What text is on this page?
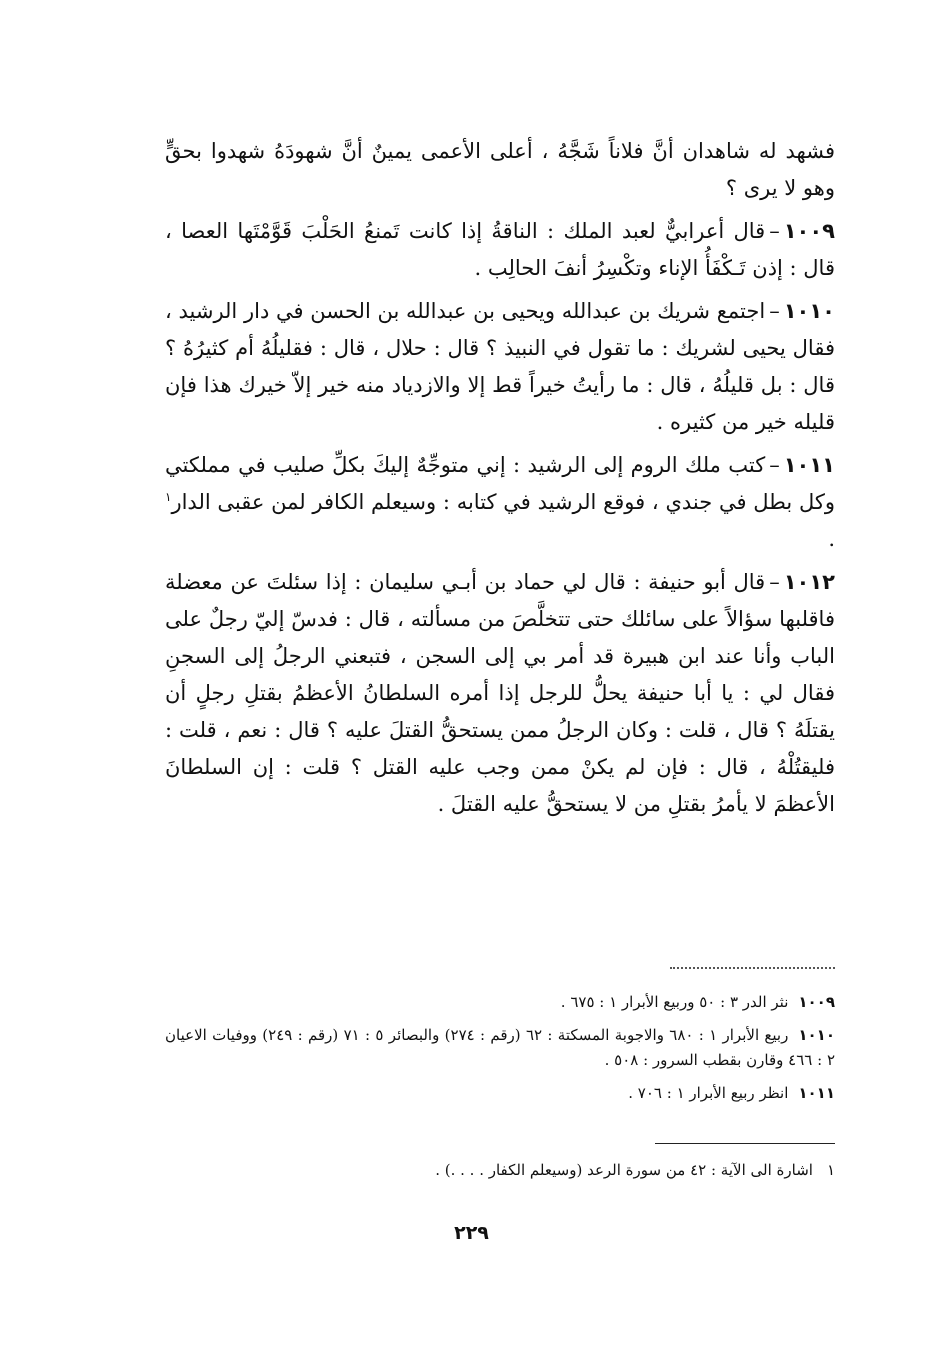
فشهد له شاهدان أنَّ فلاناً شَجَّهُ ، أعلى الأعمى يمينٌ أنَّ شهودَهُ شهدوا بحقٍّ وهو لا يرى ؟

١٠٠٩–قال أعرابيٌّ لعبد الملك : الناقةُ إذا كانت تَمنعُ الحَلْبَ قَوَّمْتَها العصا ، قال : إذن تَـكْفَأُ الإناء وتكْسِرُ أنفَ الحالِب .

١٠١٠–اجتمع شريك بن عبدالله ويحيى بن عبدالله بن الحسن في دار الرشيد ، فقال يحيى لشريك : ما تقول في النبيذ ؟ قال : حلال ، قال : فقليلُهُ أم كثيرُهُ ؟ قال : بل قليلُهُ ، قال : ما رأيتُ خيراً قط إلا والازدياد منه خير إلاّ خيرك هذا فإن قليله خير من كثيره .

١٠١١–كتب ملك الروم إلى الرشيد : إني متوجِّهٌ إليكَ بكلِّ صليب في مملكتي وكل بطل في جندي ، فوقع الرشيد في كتابه : وسيعلم الكافر لمن عقبى الدار$^١$ .

١٠١٢–قال أبو حنيفة : قال لي حماد بن أبـي سليمان : إذا سئلتَ عن معضلة فاقلبها سؤالاً على سائلك حتى تتخلَّصَ من مسألته ، قال : فدسّ إليّ رجلٌ على الباب وأنا عند ابن هبيرة قد أمر بي إلى السجن ، فتبعني الرجلُ إلى السجنِ فقال لي : يا أبا حنيفة يحلُّ للرجل إذا أمره السلطانُ الأعظمُ بقتلِ رجلٍ أن يقتلَهُ ؟ قال ، قلت : وكان الرجلُ ممن يستحقُّ القتلَ عليه ؟ قال : نعم ، قلت : فليقتُلْهُ ، قال : فإن لم يكنْ ممن وجب عليه القتل ؟ قلت : إن السلطانَ الأعظمَ لا يأمرُ بقتلِ من لا يستحقُّ عليه القتلَ .

١٠٠٩نثر الدر ٣ : ٥٠ وربيع الأبرار ١ : ٦٧٥ .

١٠١٠ربيع الأبرار ١ : ٦٨٠ والاجوبة المسكتة : ٦٢ (رقم : ٢٧٤) والبصائر ٥ : ٧١ (رقم : ٢٤٩) ووفيات الاعيان ٢ : ٤٦٦ وقارن بقطب السرور : ٥٠٨ .

١٠١١انظر ربيع الأبرار ١ : ٧٠٦ .

١اشارة الى الآية : ٤٢ من سورة الرعد (وسيعلم الكفار . . . .) .
٢٢٩
